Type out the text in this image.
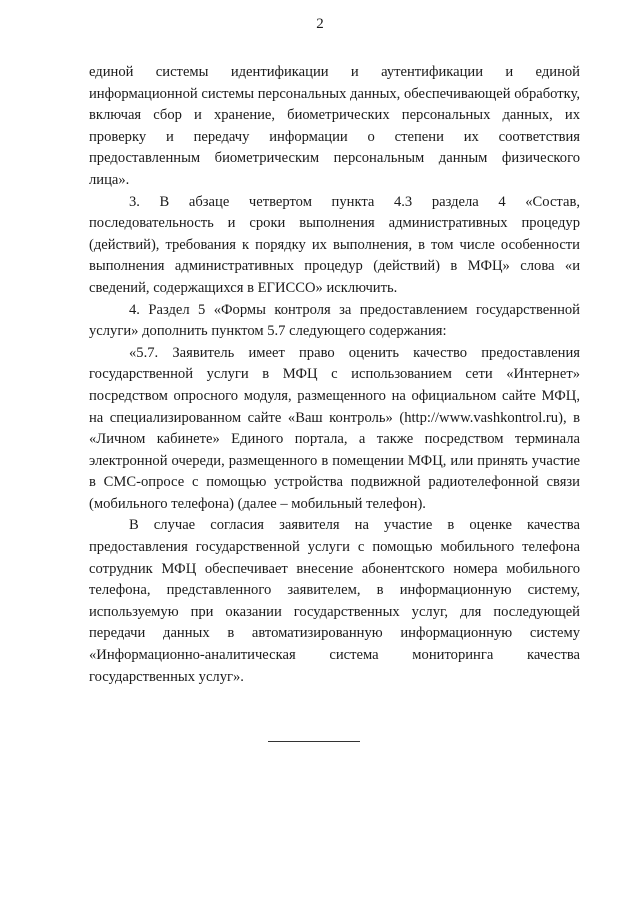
2

единой системы идентификации и аутентификации и единой информационной системы персональных данных, обеспечивающей обработку, включая сбор и хранение, биометрических персональных данных, их проверку и передачу информации о степени их соответствия предоставленным биометрическим персональным данным физического лица».

3. В абзаце четвертом пункта 4.3 раздела 4 «Состав, последовательность и сроки выполнения административных процедур (действий), требования к порядку их выполнения, в том числе особенности выполнения административных процедур (действий) в МФЦ» слова «и сведений, содержащихся в ЕГИССО» исключить.

4. Раздел 5 «Формы контроля за предоставлением государственной услуги» дополнить пунктом 5.7 следующего содержания:

«5.7. Заявитель имеет право оценить качество предоставления государственной услуги в МФЦ с использованием сети «Интернет» посредством опросного модуля, размещенного на официальном сайте МФЦ, на специализированном сайте «Ваш контроль» (http://www.vashkontrol.ru), в «Личном кабинете» Единого портала, а также посредством терминала электронной очереди, размещенного в помещении МФЦ, или принять участие в СМС-опросе с помощью устройства подвижной радиотелефонной связи (мобильного телефона) (далее – мобильный телефон).

В случае согласия заявителя на участие в оценке качества предоставления государственной услуги с помощью мобильного телефона сотрудник МФЦ обеспечивает внесение абонентского номера мобильного телефона, представленного заявителем, в информационную систему, используемую при оказании государственных услуг, для последующей передачи данных в автоматизированную информационную систему «Информационно-аналитическая система мониторинга качества государственных услуг».
